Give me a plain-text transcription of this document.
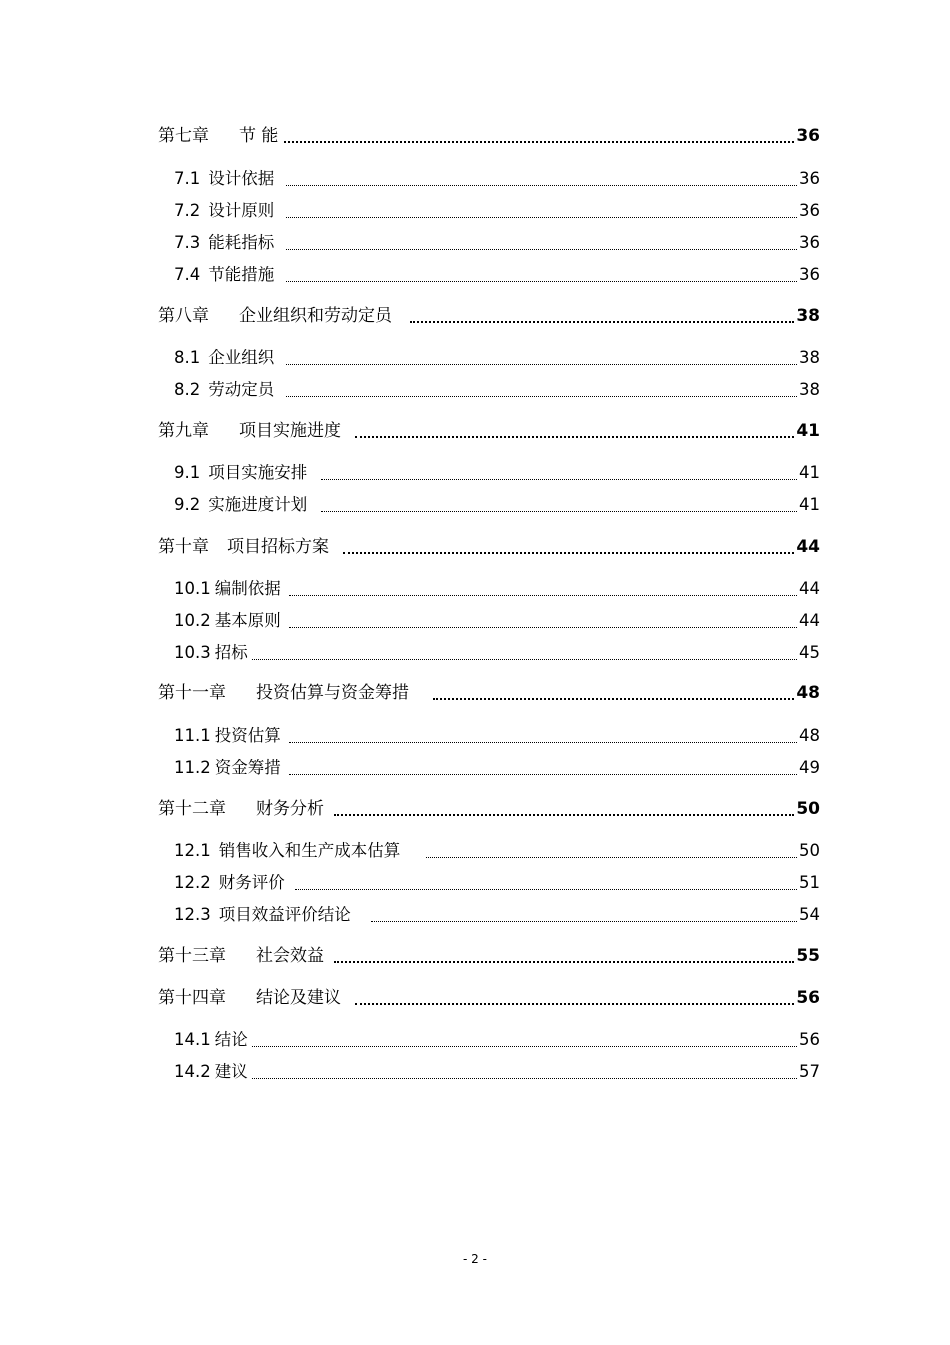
第七章 节 能	36
7.1 设计依据	36
7.2 设计原则	36
7.3 能耗指标	36
7.4 节能措施	36
第八章 企业组织和劳动定员	38
8.1 企业组织	38
8.2 劳动定员	38
第九章 项目实施进度	41
9.1 项目实施安排	41
9.2 实施进度计划	41
第十章 项目招标方案	44
10.1 编制依据	44
10.2 基本原则	44
10.3 招标	45
第十一章 投资估算与资金筹措	48
11.1 投资估算	48
11.2 资金筹措	49
第十二章 财务分析	50
12.1 销售收入和生产成本估算	50
12.2 财务评价	51
12.3 项目效益评价结论	54
第十三章 社会效益	55
第十四章 结论及建议	56
14.1 结论	56
14.2 建议	57
- 2 -
